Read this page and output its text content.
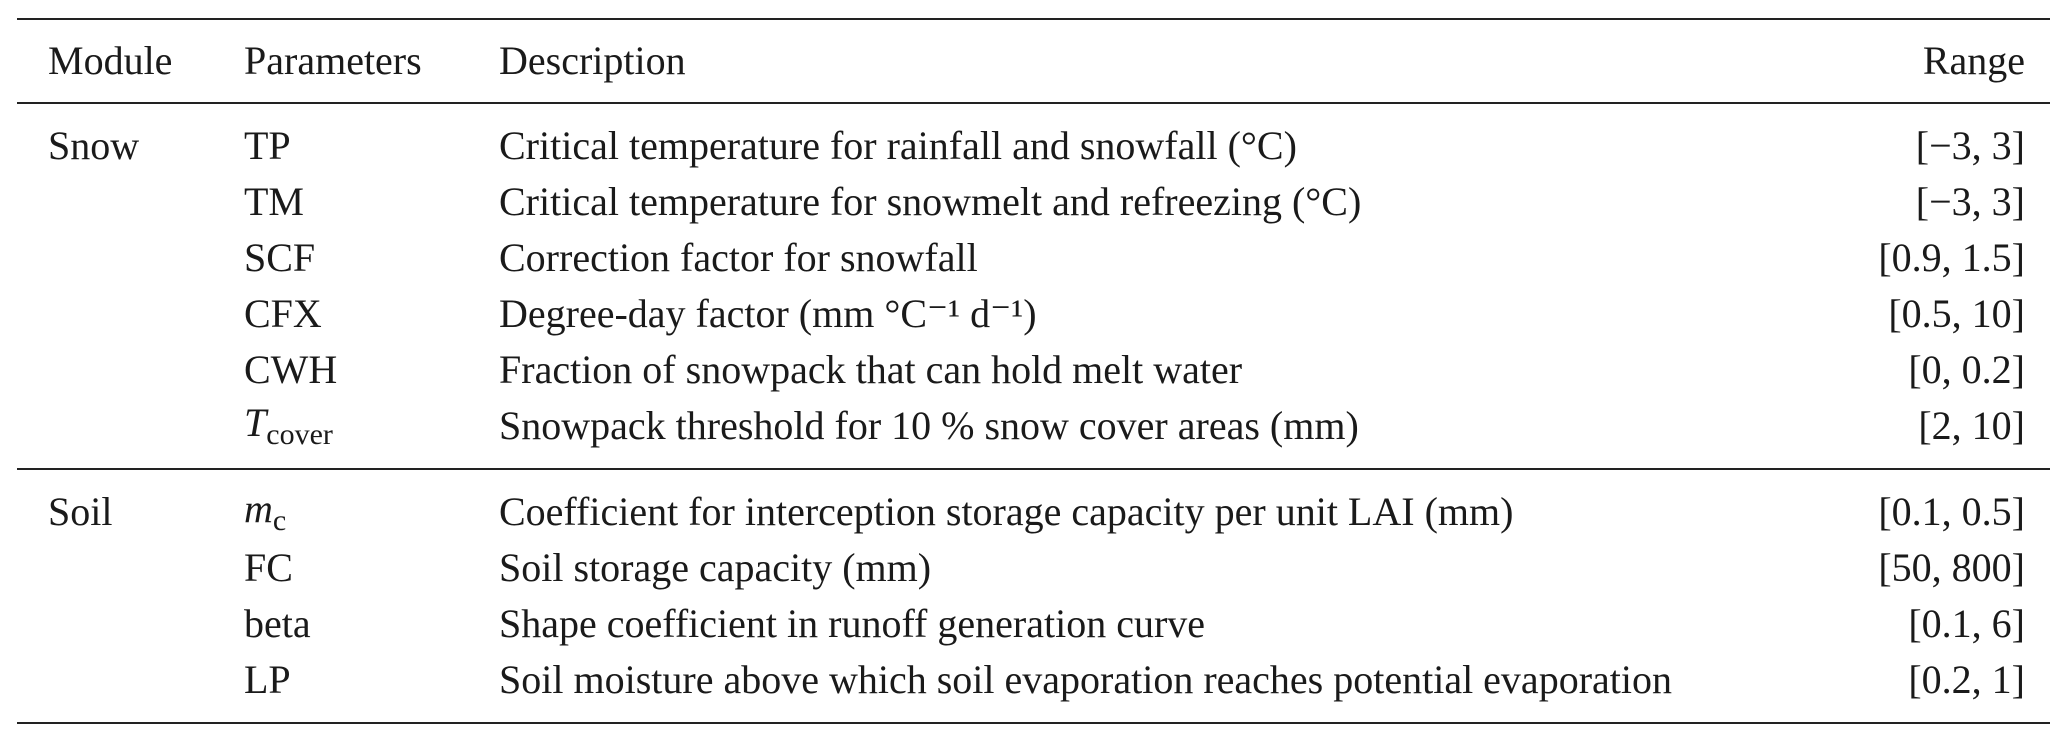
Module	Parameters	Description	Range
Snow	TP	Critical temperature for rainfall and snowfall (°C)	[−3, 3]
	TM	Critical temperature for snowmelt and refreezing (°C)	[−3, 3]
	SCF	Correction factor for snowfall	[0.9, 1.5]
	CFX	Degree-day factor (mm °C⁻¹ d⁻¹)	[0.5, 10]
	CWH	Fraction of snowpack that can hold melt water	[0, 0.2]
	$T_{cover}$	Snowpack threshold for 10 % snow cover areas (mm)	[2, 10]
Soil	$m_c$	Coefficient for interception storage capacity per unit LAI (mm)	[0.1, 0.5]
	FC	Soil storage capacity (mm)	[50, 800]
	beta	Shape coefficient in runoff generation curve	[0.1, 6]
	LP	Soil moisture above which soil evaporation reaches potential evaporation	[0.2, 1]
